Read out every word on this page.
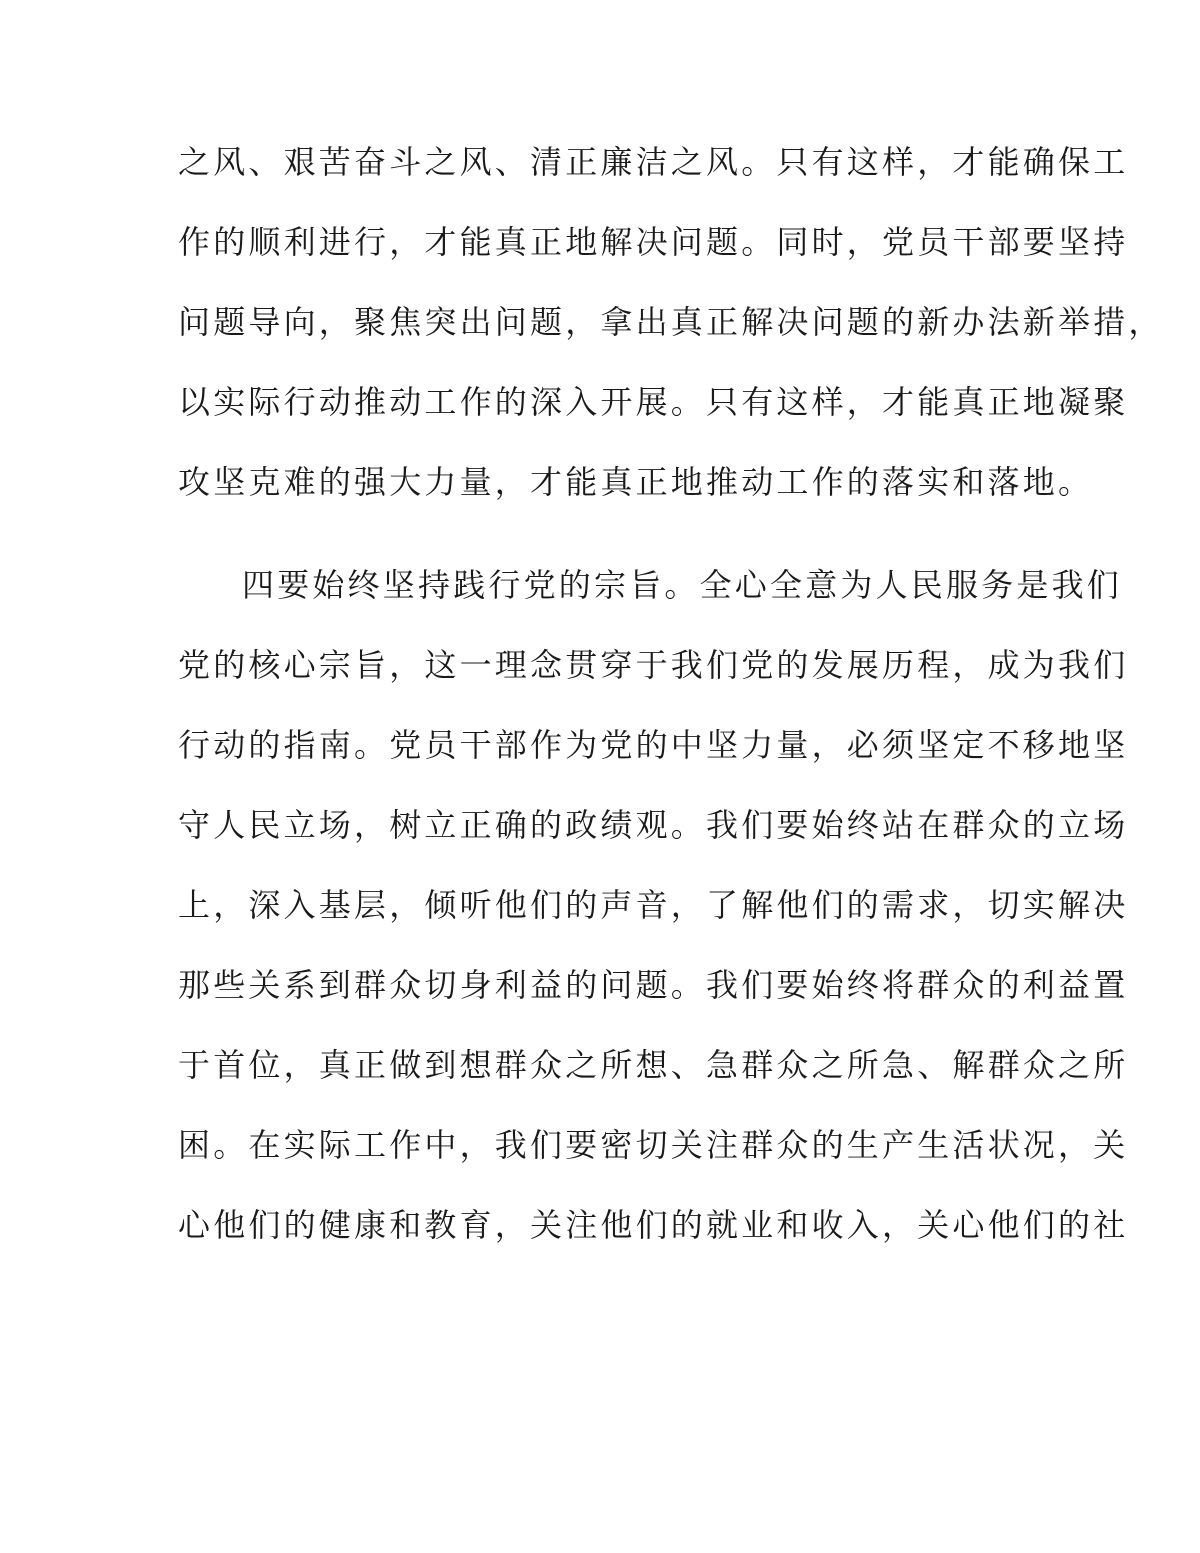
之风、艰苦奋斗之风、清正廉洁之风。只有这样，才能确保工
作的顺利进行，才能真正地解决问题。同时，党员干部要坚持
问题导向，聚焦突出问题，拿出真正解决问题的新办法新举措，
以实际行动推动工作的深入开展。只有这样，才能真正地凝聚
攻坚克难的强大力量，才能真正地推动工作的落实和落地。
四要始终坚持践行党的宗旨。全心全意为人民服务是我们
党的核心宗旨，这一理念贯穿于我们党的发展历程，成为我们
行动的指南。党员干部作为党的中坚力量，必须坚定不移地坚
守人民立场，树立正确的政绩观。我们要始终站在群众的立场
上，深入基层，倾听他们的声音，了解他们的需求，切实解决
那些关系到群众切身利益的问题。我们要始终将群众的利益置
于首位，真正做到想群众之所想、急群众之所急、解群众之所
困。在实际工作中，我们要密切关注群众的生产生活状况，关
心他们的健康和教育，关注他们的就业和收入，关心他们的社
